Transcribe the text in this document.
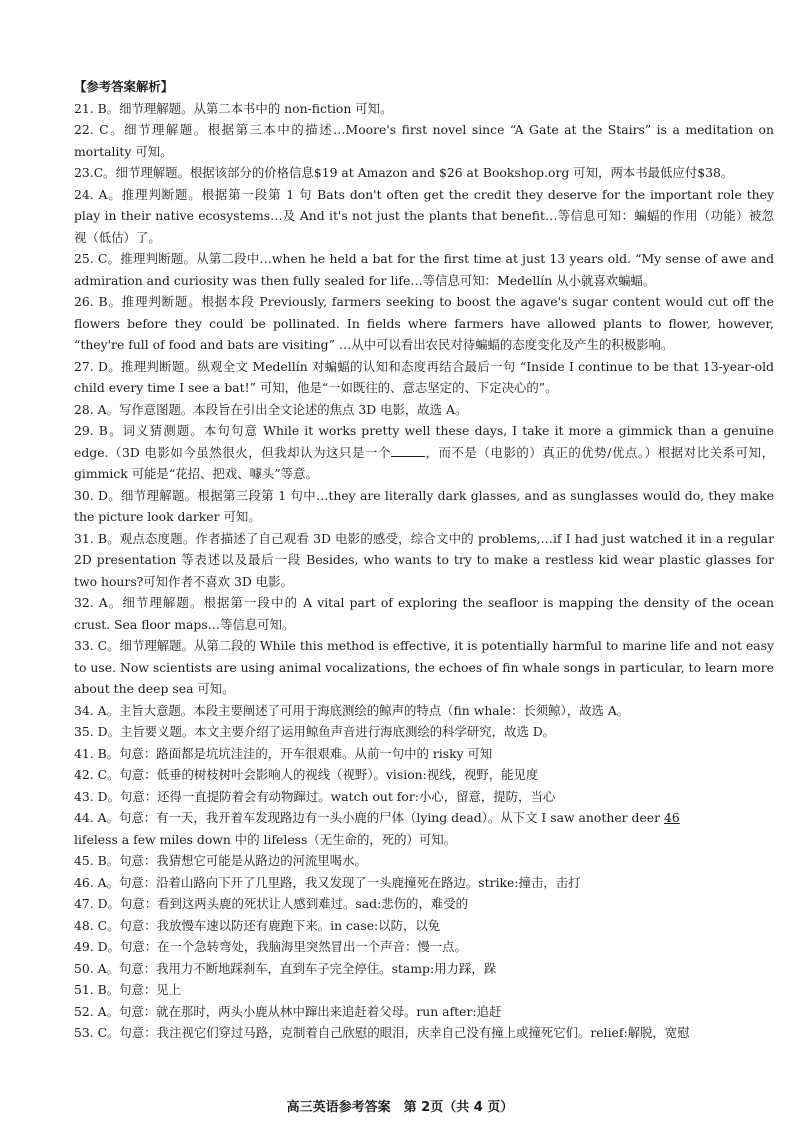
【参考答案解析】

21. B。细节理解题。从第二本书中的 non-fiction 可知。

22. C。细节理解题。根据第三本中的描述…Moore's first novel since “A Gate at the Stairs” is a meditation on mortality 可知。

23.C。细节理解题。根据该部分的价格信息$19 at Amazon and $26 at Bookshop.org 可知，两本书最低应付$38。

24. A。推理判断题。根据第一段第 1 句 Bats don't often get the credit they deserve for the important role they play in their native ecosystems…及 And it's not just the plants that benefit…等信息可知：蝙蝠的作用（功能）被忽视（低估）了。

25. C。推理判断题。从第二段中…when he held a bat for the first time at just 13 years old. “My sense of awe and admiration and curiosity was then fully sealed for life…等信息可知：Medellín 从小就喜欢蝙蝠。

26. B。推理判断题。根据本段 Previously, farmers seeking to boost the agave's sugar content would cut off the flowers before they could be pollinated. In fields where farmers have allowed plants to flower, however, “they're full of food and bats are visiting” …从中可以看出农民对待蝙蝠的态度变化及产生的积极影响。

27. D。推理判断题。纵观全文 Medellín 对蝙蝠的认知和态度再结合最后一句 “Inside I continue to be that 13-year-old child every time I see a bat!” 可知，他是“一如既往的、意志坚定的、下定决心的”。

28. A。写作意图题。本段旨在引出全文论述的焦点 3D 电影，故选 A。

29. B。词义猜测题。本句句意 While it works pretty well these days, I take it more a gimmick than a genuine edge.（3D 电影如今虽然很火，但我却认为这只是一个	，而不是（电影的）真正的优势/优点。）根据对比关系可知，gimmick 可能是“花招、把戏、噱头”等意。

30. D。细节理解题。根据第三段第 1 句中…they are literally dark glasses, and as sunglasses would do, they make the picture look darker 可知。

31. B。观点态度题。作者描述了自己观看 3D 电影的感受，综合文中的 problems,…if I had just watched it in a regular 2D presentation 等表述以及最后一段 Besides, who wants to try to make a restless kid wear plastic glasses for two hours?可知作者不喜欢 3D 电影。

32. A。细节理解题。根据第一段中的 A vital part of exploring the seafloor is mapping the density of the ocean crust. Sea floor maps…等信息可知。

33. C。细节理解题。从第二段的 While this method is effective, it is potentially harmful to marine life and not easy to use. Now scientists are using animal vocalizations, the echoes of fin whale songs in particular, to learn more about the deep sea 可知。

34. A。主旨大意题。本段主要阐述了可用于海底测绘的鲸声的特点（fin whale：长须鲸），故选 A。

35. D。主旨要义题。本文主要介绍了运用鲸鱼声音进行海底测绘的科学研究，故选 D。

41. B。句意：路面都是坑坑洼洼的，开车很艰难。从前一句中的 risky 可知

42. C。句意：低垂的树枝树叶会影响人的视线（视野）。vision:视线，视野，能见度

43. D。句意：还得一直提防着会有动物蹿过。watch out for:小心，留意，提防，当心

44. A。句意：有一天，我开着车发现路边有一头小鹿的尸体（lying dead）。从下文 I saw another deer 46
lifeless a few miles down 中的 lifeless（无生命的，死的）可知。

45. B。句意：我猜想它可能是从路边的河流里喝水。

46. A。句意：沿着山路向下开了几里路，我又发现了一头鹿撞死在路边。strike:撞击，击打

47. D。句意：看到这两头鹿的死状让人感到难过。sad:悲伤的，难受的

48. C。句意：我放慢车速以防还有鹿跑下来。in case:以防，以免

49. D。句意：在一个急转弯处，我脑海里突然冒出一个声音：慢一点。

50. A。句意：我用力不断地踩刹车，直到车子完全停住。stamp:用力踩，跺

51. B。句意：见上

52. A。句意：就在那时，两头小鹿从林中蹿出来追赶着父母。run after:追赶

53. C。句意：我注视它们穿过马路，克制着自己欣慰的眼泪，庆幸自己没有撞上或撞死它们。relief:解脱，宽慰

高三英语参考答案　第 2页（共 4 页）
